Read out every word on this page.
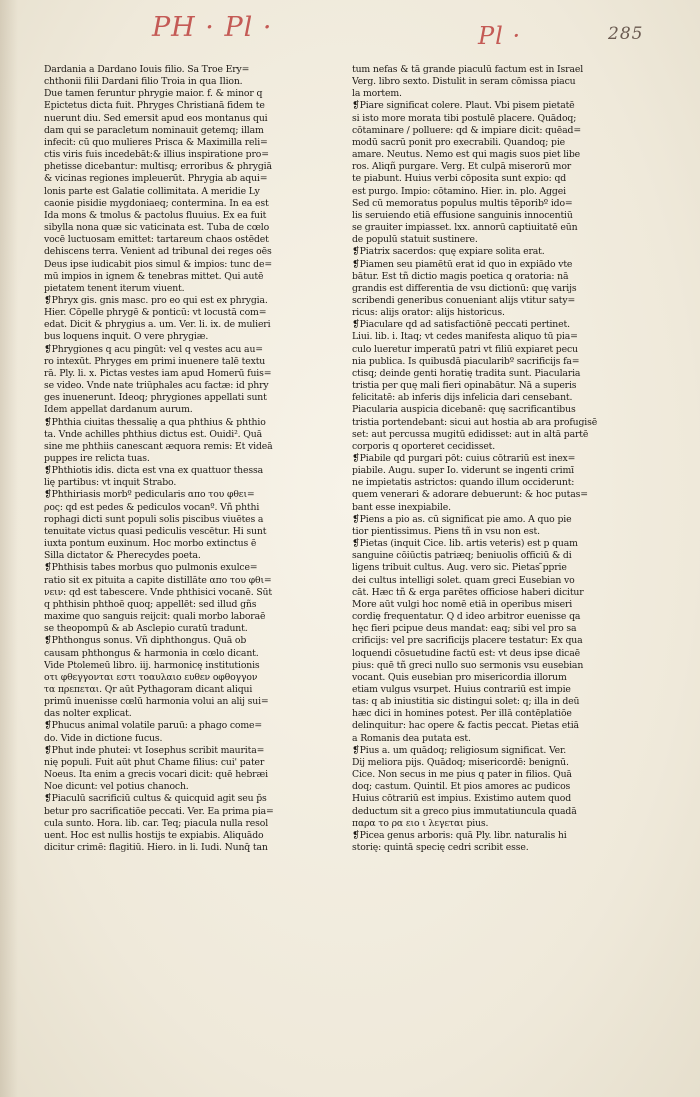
PH · Pl ·	Pl ·	285
Dardania a Dardano Iouis filio. Sa Troe Ery=
chthonii filii Dardani filio Troia in qua Ilion.
Due tamen feruntur phrygie maior. f. & minor q
Epictetus dicta fuit. Phryges Christianā fidem te
nuerunt diu. Sed emersit apud eos montanus qui
dam qui se paracletum nominauit getemq; illam
infecit: cū quo mulieres Prisca & Maximilla reli=
ctis viris fuis incedebāt:& illius inspiratione pro=
phetisse dicebantur: multisq; erroribus & phrygiā
& vicinas regiones impleuerūt. Phrygia ab aqui=
lonis parte est Galatie collimitata. A meridie Ly
caonie pisidie mygdoniaeq; contermina. In ea est
Ida mons & tmolus & pactolus fluuius. Ex ea fuit
sibylla nona quæ sic vaticinata est. Tuba de cœlo
vocē luctuosam emittet: tartareum chaos ostēdet
dehiscens terra. Venient ad tribunal dei reges oēs
Deus ipse iudicabit pios simul & impios: tunc de=
mū impios in ignem & tenebras mittet. Qui autē
pietatem tenent iterum viuent.
❡Phryx gis. gnis masc. pro eo qui est ex phrygia.
Hier. Cōpelle phrygē & ponticū: vt locustā com=
edat. Dicit & phrygius a. um. Ver. li. ix. de mulieri
bus loquens inquit. O vere phrygiæ.
❡Phrygiones q acu pingūt: vel q vestes acu au=
ro intexūt. Phryges em primi inuenere talē textu
rā. Ply. li. x. Pictas vestes iam apud Homerū fuis=
se video. Vnde nate triūphales acu factæ: id phry
ges inuenerunt. Ideoq; phrygiones appellati sunt
Idem appellat dardanum aurum.
❡Phthia ciuitas thessalię a qua phthius & phthio
ta. Vnde achilles phthius dictus est. Ouidi². Quā
sine me phthiis canescant æquora remis: Et videā
puppes ire relicta tuas.
❡Phthiotis idis. dicta est vna ex quattuor thessa
lię partibus: vt inquit Strabo.
❡Phthiriasis morbº pedicularis απο του φθει=
ρος: qd est pedes & pediculos vocanº. Vñ phthi
rophagi dicti sunt populi solis piscibus viuētes a
tenuitate victus quasi pediculis vescētur. Hi sunt
iuxta pontum euxinum. Hoc morbo extinctus ē
Silla dictator & Pherecydes poeta.
❡Phthisis tabes morbus quo pulmonis exulce=
ratio sit ex pituita a capite distillāte απο του φθι=
νειν: qd est tabescere. Vnde phthisici vocanē. Sūt
q phthisin phthoē quoq; appellēt: sed illud gñs
maxime quo sanguis reijcit: quali morbo laboraē
se theopompū & ab Asclepio curatū tradunt.
❡Phthongus sonus. Vñ diphthongus. Quā ob
causam phthongus & harmonia in cœlo dicant.
Vide Ptolemeū libro. iij. harmonicę institutionis
οτι φθεγγονται εστι τοαυλαιο ευθεν οφθογγον
τα πρεπεται. Qr aūt Pythagoram dicant aliqui
primū inuenisse cœlū harmonia volui an alij sui=
das nolter explicat.
❡Phucus animal volatile paruū: a phago come=
do. Vide in dictione fucus.
❡Phut inde phutei: vt Iosephus scribit maurita=
nię populi. Fuit aūt phut Chame filius: cui' pater
Noeus. Ita enim a grecis vocari dicit: quē hebræi
Noe dicunt: vel potius chanoch.
❡Piaculū sacrificiū cultus & quicquid agit seu p̄s
betur pro sacrificatiōe peccati. Ver. Ea prima pia=
cula sunto. Hora. lib. car. Teq; piacula nulla resol
uent. Hoc est nullis hostijs te expiabis. Aliquādo
dicitur crimē: flagitiū. Hiero. in li. Iudi. Nunq̄ tan
tum nefas & tā grande piaculū factum est in Israel
Verg. libro sexto. Distulit in seram cōmissa piacu
la mortem.
❡Piare significat colere. Plaut. Vbi pisem pietatē
si isto more morata tibi postulē placere. Quādoq;
cōtaminare / polluere: qd & impiare dicit: quēad=
modū sacrū ponit pro execrabili. Quandoq; pie
amare. Neutus. Nemo est qui magis suos piet libe
ros. Aliqñ purgare. Verg. Et culpā miserorū mor
te piabunt. Huius verbi cōposita sunt expio: qd
est purgo. Impio: cōtamino. Hier. in. plo. Aggei
Sed cū memoratus populus multis tēporibº ido=
lis seruiendo etiā effusione sanguinis innocentiū
se grauiter impiasset. lxx. annorū captiuitatē eūn
de populū statuit sustinere.
❡Piatrix sacerdos: quę expiare solita erat.
❡Piamen seu piamētū erat id quo in expiādo vte
bātur. Est tñ dictio magis poetica q oratoria: nā
grandis est differentia de vsu dictionū: quę varijs
scribendi generibus conueniant alijs vtitur saty=
ricus: alijs orator: alijs historicus.
❡Piaculare qd ad satisfactiōnē peccati pertinet.
Liui. lib. i. Itaq; vt cedes manifesta aliquo tū pia=
culo lueretur imperatū patri vt filiū expiaret pecu
nia publica. Is quibusdā piacularibº sacrificijs fa=
ctisq; deinde genti horatię tradita sunt. Piacularia
tristia per quę mali fieri opinabātur. Nā a superis
felicitatē: ab inferis dijs infelicia dari censebant.
Piacularia auspicia dicebanē: quę sacrificantibus
tristia portendebant: sicui aut hostia ab ara profugisē
set: aut percussa mugitū edidisset: aut in altā partē
corporis q oporteret cecidisset.
❡Piabile qd purgari pōt: cuius cōtrariū est inex=
piabile. Augu. super Io. viderunt se ingenti crimī
ne impietatis astrictos: quando illum occiderunt:
quem venerari & adorare debuerunt: & hoc putas=
bant esse inexpiabile.
❡Piens a pio as. cū significat pie amo. A quo pie
tior pientissimus. Piens tñ in vsu non est.
❡Pietas (inquit Cice. lib. artis veteris) est p quam
sanguine cōiūctis patriæq; beniuolis officiū & di
ligens tribuit cultus. Aug. vero sic. Pietas ̄pprie
dei cultus intelligi solet. quam greci Eusebian vo
cāt. Hæc tñ & erga parētes officiose haberi dicitur
More aūt vulgi hoc nomē etiā in operibus miseri
cordię frequentatur. Q d ideo arbitror euenisse qa
hęc fieri pcipue deus mandat: eaq; sibi vel pro sa
crificijs: vel pre sacrificijs placere testatur: Ex qua
loquendi cōsuetudine factū est: vt deus ipse dicaē
pius: quē tñ greci nullo suo sermonis vsu eusebian
vocant. Quis eusebian pro misericordia illorum
etiam vulgus vsurpet. Huius contrariū est impie
tas: q ab iniustitia sic distingui solet: q; illa in deū
hæc dici in homines potest. Per illā contēplatiōe
delinquitur: hac opere & factis peccat. Pietas etiā
a Romanis dea putata est.
❡Pius a. um quādoq; religiosum significat. Ver.
Dij meliora pijs. Quādoq; misericordē: benignū.
Cice. Non secus in me pius q pater in filios. Quā
doq; castum. Quintil. Et pios amores ac pudicos
Huius cōtrariū est impius. Existimo autem quod
deductum sit a greco pius immutatiuncula quadā
παρα το ρα ειο ι λεγεται pius.
❡Picea genus arboris: quā Ply. libr. naturalis hi
storię: quintā specię cedri scribit esse.
